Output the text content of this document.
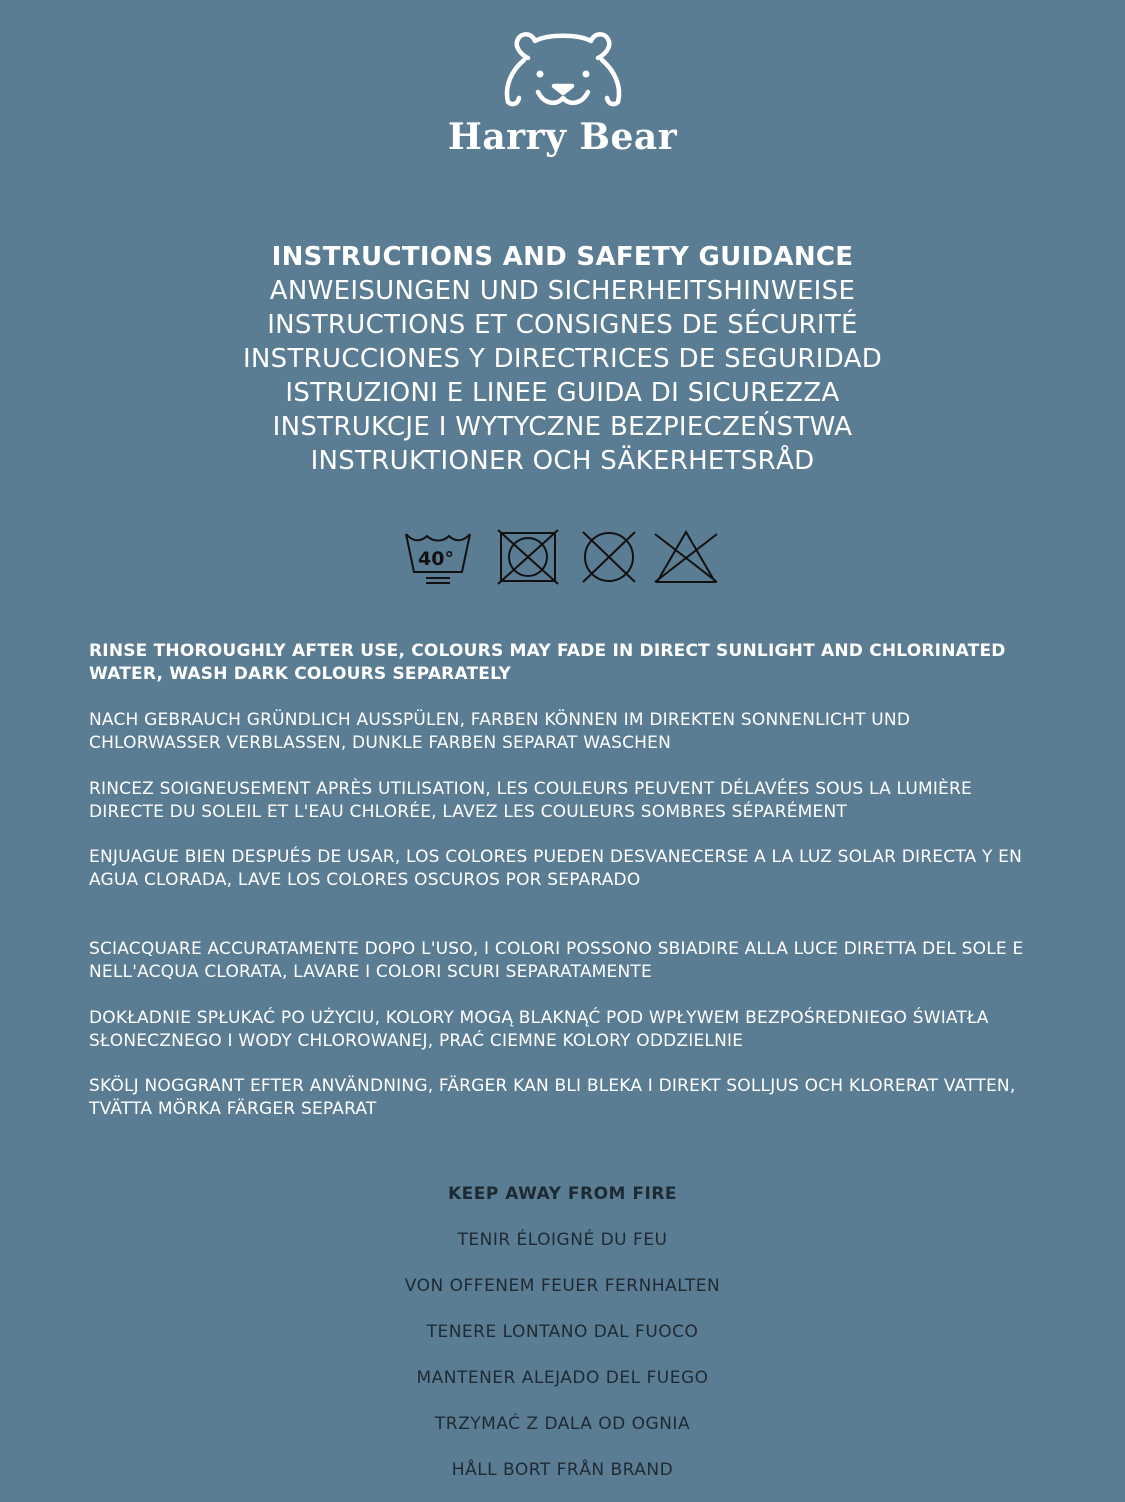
Harry Bear
INSTRUCTIONS AND SAFETY GUIDANCE
ANWEISUNGEN UND SICHERHEITSHINWEISE
INSTRUCTIONS ET CONSIGNES DE SÉCURITÉ
INSTRUCCIONES Y DIRECTRICES DE SEGURIDAD
ISTRUZIONI E LINEE GUIDA DI SICUREZZA
INSTRUKCJE I WYTYCZNE BEZPIECZEŃSTWA
INSTRUKTIONER OCH SÄKERHETSRÅD
40°
RINSE THOROUGHLY AFTER USE, COLOURS MAY FADE IN DIRECT SUNLIGHT AND CHLORINATED WATER, WASH DARK COLOURS SEPARATELY
NACH GEBRAUCH GRÜNDLICH AUSSPÜLEN, FARBEN KÖNNEN IM DIREKTEN SONNENLICHT UND CHLORWASSER VERBLASSEN, DUNKLE FARBEN SEPARAT WASCHEN
RINCEZ SOIGNEUSEMENT APRÈS UTILISATION, LES COULEURS PEUVENT DÉLAVÉES SOUS LA LUMIÈRE DIRECTE DU SOLEIL ET L'EAU CHLORÉE, LAVEZ LES COULEURS SOMBRES SÉPARÉMENT
ENJUAGUE BIEN DESPUÉS DE USAR, LOS COLORES PUEDEN DESVANECERSE A LA LUZ SOLAR DIRECTA Y EN AGUA CLORADA, LAVE LOS COLORES OSCUROS POR SEPARADO
SCIACQUARE ACCURATAMENTE DOPO L'USO, I COLORI POSSONO SBIADIRE ALLA LUCE DIRETTA DEL SOLE E NELL'ACQUA CLORATA, LAVARE I COLORI SCURI SEPARATAMENTE
DOKŁADNIE SPŁUKAĆ PO UŻYCIU, KOLORY MOGĄ BLAKNĄĆ POD WPŁYWEM BEZPOŚREDNIEGO ŚWIATŁA SŁONECZNEGO I WODY CHLOROWANEJ, PRAĆ CIEMNE KOLORY ODDZIELNIE
SKÖLJ NOGGRANT EFTER ANVÄNDNING, FÄRGER KAN BLI BLEKA I DIREKT SOLLJUS OCH KLORERAT VATTEN, TVÄTTA MÖRKA FÄRGER SEPARAT
KEEP AWAY FROM FIRE
TENIR ÉLOIGNÉ DU FEU
VON OFFENEM FEUER FERNHALTEN
TENERE LONTANO DAL FUOCO
MANTENER ALEJADO DEL FUEGO
TRZYMAĆ Z DALA OD OGNIA
HÅLL BORT FRÅN BRAND
